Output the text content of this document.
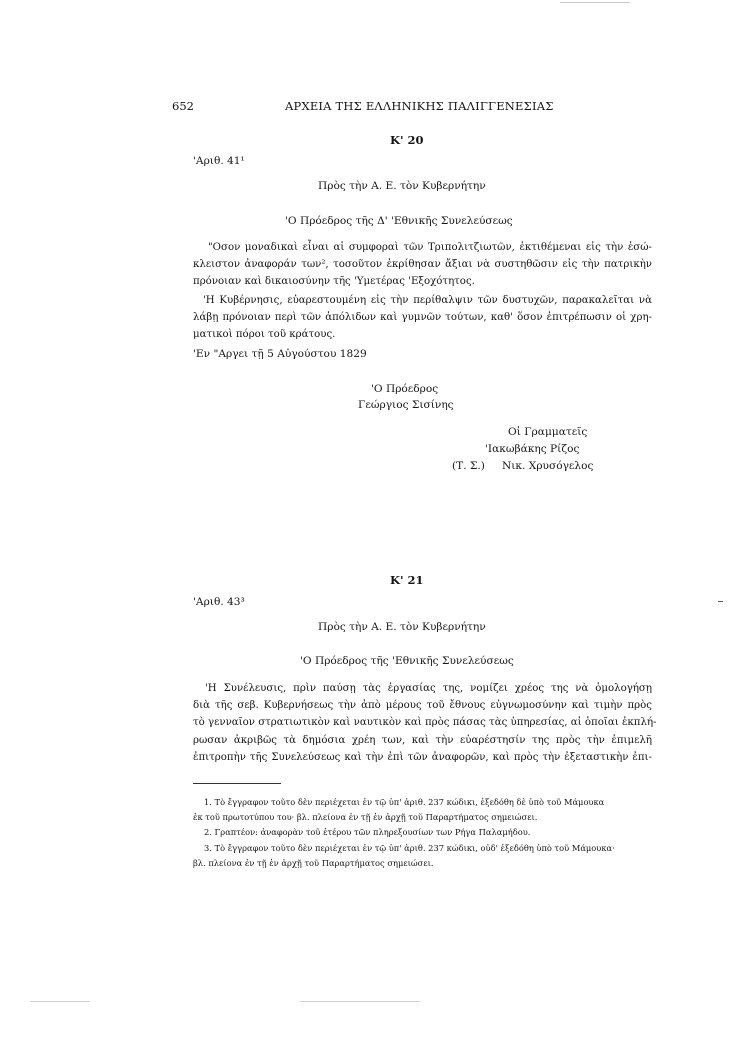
652	ΑΡΧΕΙΑ ΤΗΣ ΕΛΛΗΝΙΚΗΣ ΠΑΛΙΓΓΕΝΕΣΙΑΣ
Κ' 20
'Αριθ. 41¹
Πρὸς τὴν Α. Ε. τὸν Κυβερνήτην
'Ο Πρόεδρος τῆς Δ' 'Εθνικῆς Συνελεύσεως
"Οσον μοναδικαὶ εἶναι αἱ συμφοραὶ τῶν Τριπολιτζιωτῶν, ἐκτιθέμεναι εἰς τὴν ἐσώ-
κλειστον ἀναφοράν των², τοσοῦτον ἐκρίθησαν ἄξιαι νὰ συστηθῶσιν εἰς τὴν πατρικὴν
πρόνοιαν καὶ δικαιοσύνην τῆς 'Υμετέρας 'Εξοχότητος.
'Η Κυβέρνησις, εὐαρεστουμένη εἰς τὴν περίθαλψιν τῶν δυστυχῶν, παρακαλεῖται νὰ
λάβῃ πρόνοιαν περὶ τῶν ἀπόλιδων καὶ γυμνῶν τούτων, καθ' ὅσον ἐπιτρέπωσιν οἱ χρη-
ματικοὶ πόροι τοῦ κράτους.
'Εν "Αργει τῇ 5 Αὐγούστου 1829
'Ο Πρόεδρος
Γεώργιος Σισίνης
Οἱ Γραμματεῖς
'Ιακωβάκης Ρίζος
(Τ. Σ.) Νικ. Χρυσόγελος
Κ' 21
'Αριθ. 43³
Πρὸς τὴν Α. Ε. τὸν Κυβερνήτην
'Ο Πρόεδρος τῆς 'Εθνικῆς Συνελεύσεως
'Η Συνέλευσις, πρὶν παύσῃ τὰς ἐργασίας της, νομίζει χρέος της νὰ ὁμολογήσῃ
διὰ τῆς σεβ. Κυβερνήσεως τὴν ἀπὸ μέρους τοῦ ἔθνους εὐγνωμοσύνην καὶ τιμὴν πρὸς
τὸ γενναῖον στρατιωτικὸν καὶ ναυτικὸν καὶ πρὸς πάσας τὰς ὑπηρεσίας, αἱ ὁποῖαι ἐκπλή-
ρωσαν ἀκριβῶς τὰ δημόσια χρέη των, καὶ τὴν εὐαρέστησίν της πρὸς τὴν ἐπιμελῆ
ἐπιτροπὴν τῆς Συνελεύσεως καὶ τὴν ἐπὶ τῶν ἀναφορῶν, καὶ πρὸς τὴν ἐξεταστικὴν ἐπι-
1. Τὸ ἔγγραφον τοῦτο δὲν περιέχεται ἐν τῷ ὑπ' ἀριθ. 237 κώδικι, ἐξεδόθη δὲ ὑπὸ τοῦ Μάμουκα
ἐκ τοῦ πρωτοτύπου του· βλ. πλείονα ἐν τῇ ἐν ἀρχῇ τοῦ Παραρτήματος σημειώσει.
2. Γραπτέον: ἀναφορὰν τοῦ ἑτέρου τῶν πληρεξουσίων των Ρήγα Παλαμήδου.
3. Τὸ ἔγγραφον τοῦτο δὲν περιέχεται ἐν τῷ ὑπ' ἀριθ. 237 κώδικι, οὐδ' ἐξεδόθη ὑπὸ τοῦ Μάμουκα·
βλ. πλείονα ἐν τῇ ἐν ἀρχῇ τοῦ Παραρτήματος σημειώσει.
